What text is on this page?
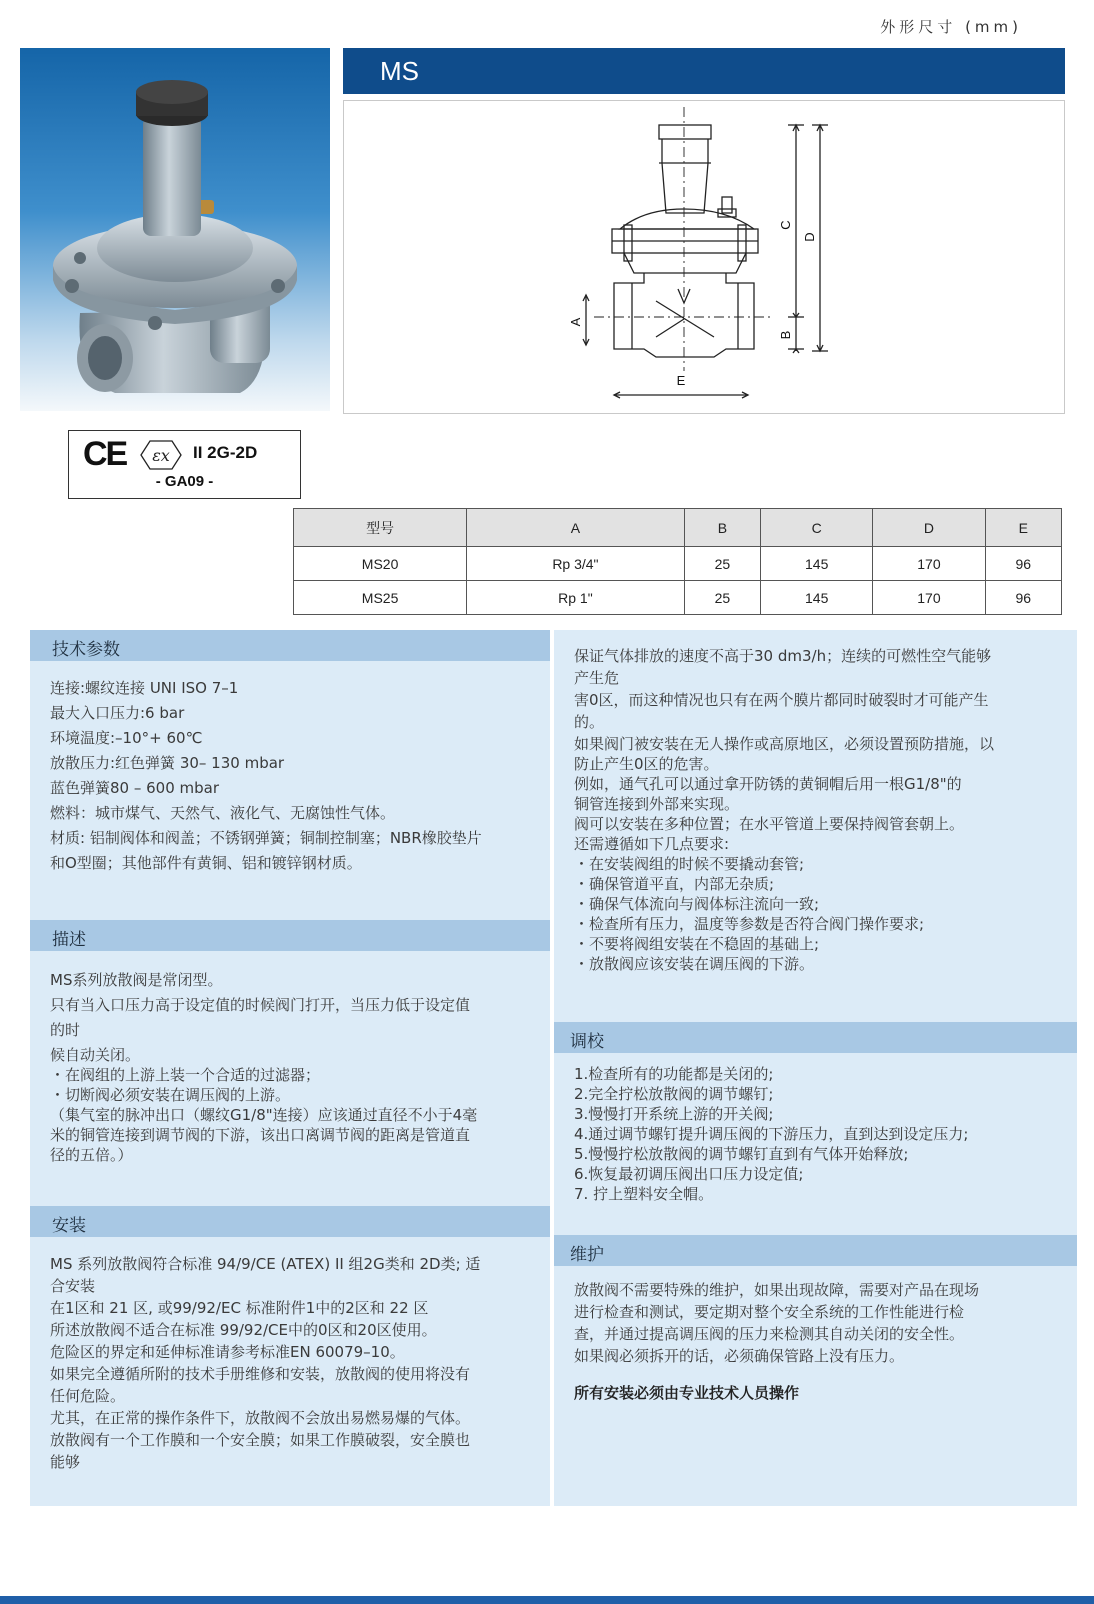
外形尺寸 (mm)
MS
A
B
C
D
E
CE εx II 2G-2D
- GA09 -
型号	A	B	C	D	E
MS20	Rp 3/4"	25	145	170	96
MS25	Rp 1"	25	145	170	96
技术参数

连接:螺纹连接 UNI ISO 7–1

最大入口压力:6 bar

环境温度:–10°+ 60℃

放散压力:红色弹簧 30– 130 mbar

蓝色弹簧80 – 600 mbar

燃料：城市煤气、天然气、液化气、无腐蚀性气体。

材质: 铝制阀体和阀盖；不锈钢弹簧；铜制控制塞；NBR橡胶垫片

和O型圈；其他部件有黄铜、铝和镀锌钢材质。

描述

MS系列放散阀是常闭型。

只有当入口压力高于设定值的时候阀门打开，当压力低于设定值

的时

候自动关闭。

・在阀组的上游上装一个合适的过滤器；

・切断阀必须安装在调压阀的上游。

（集气室的脉冲出口（螺纹G1/8"连接）应该通过直径不小于4毫

米的铜管连接到调节阀的下游，该出口离调节阀的距离是管道直

径的五倍。）

安装

MS 系列放散阀符合标准 94/9/CE (ATEX) II 组2G类和 2D类; 适

合安装

在1区和 21 区, 或99/92/EC 标准附件1中的2区和 22 区

所述放散阀不适合在标准 99/92/CE中的0区和20区使用。

危险区的界定和延伸标准请参考标准EN 60079–10。

如果完全遵循所附的技术手册维修和安装，放散阀的使用将没有

任何危险。

尤其，在正常的操作条件下，放散阀不会放出易燃易爆的气体。

放散阀有一个工作膜和一个安全膜；如果工作膜破裂，安全膜也

能够

保证气体排放的速度不高于30 dm3/h；连续的可燃性空气能够

产生危

害0区，而这种情况也只有在两个膜片都同时破裂时才可能产生

的。

如果阀门被安装在无人操作或高原地区，必须设置预防措施，以

防止产生0区的危害。

例如，通气孔可以通过拿开防锈的黄铜帽后用一根G1/8"的

铜管连接到外部来实现。

阀可以安装在多种位置；在水平管道上要保持阀管套朝上。

还需遵循如下几点要求:

・在安装阀组的时候不要撬动套管;

・确保管道平直，内部无杂质;

・确保气体流向与阀体标注流向一致;

・检查所有压力，温度等参数是否符合阀门操作要求;

・不要将阀组安装在不稳固的基础上;

・放散阀应该安装在调压阀的下游。

调校

1.检查所有的功能都是关闭的;

2.完全拧松放散阀的调节螺钉;

3.慢慢打开系统上游的开关阀;

4.通过调节螺钉提升调压阀的下游压力，直到达到设定压力;

5.慢慢拧松放散阀的调节螺钉直到有气体开始释放;

6.恢复最初调压阀出口压力设定值;

7. 拧上塑料安全帽。

维护

放散阀不需要特殊的维护，如果出现故障，需要对产品在现场

进行检查和测试，要定期对整个安全系统的工作性能进行检

查，并通过提高调压阀的压力来检测其自动关闭的安全性。

如果阀必须拆开的话，必须确保管路上没有压力。

所有安装必须由专业技术人员操作
